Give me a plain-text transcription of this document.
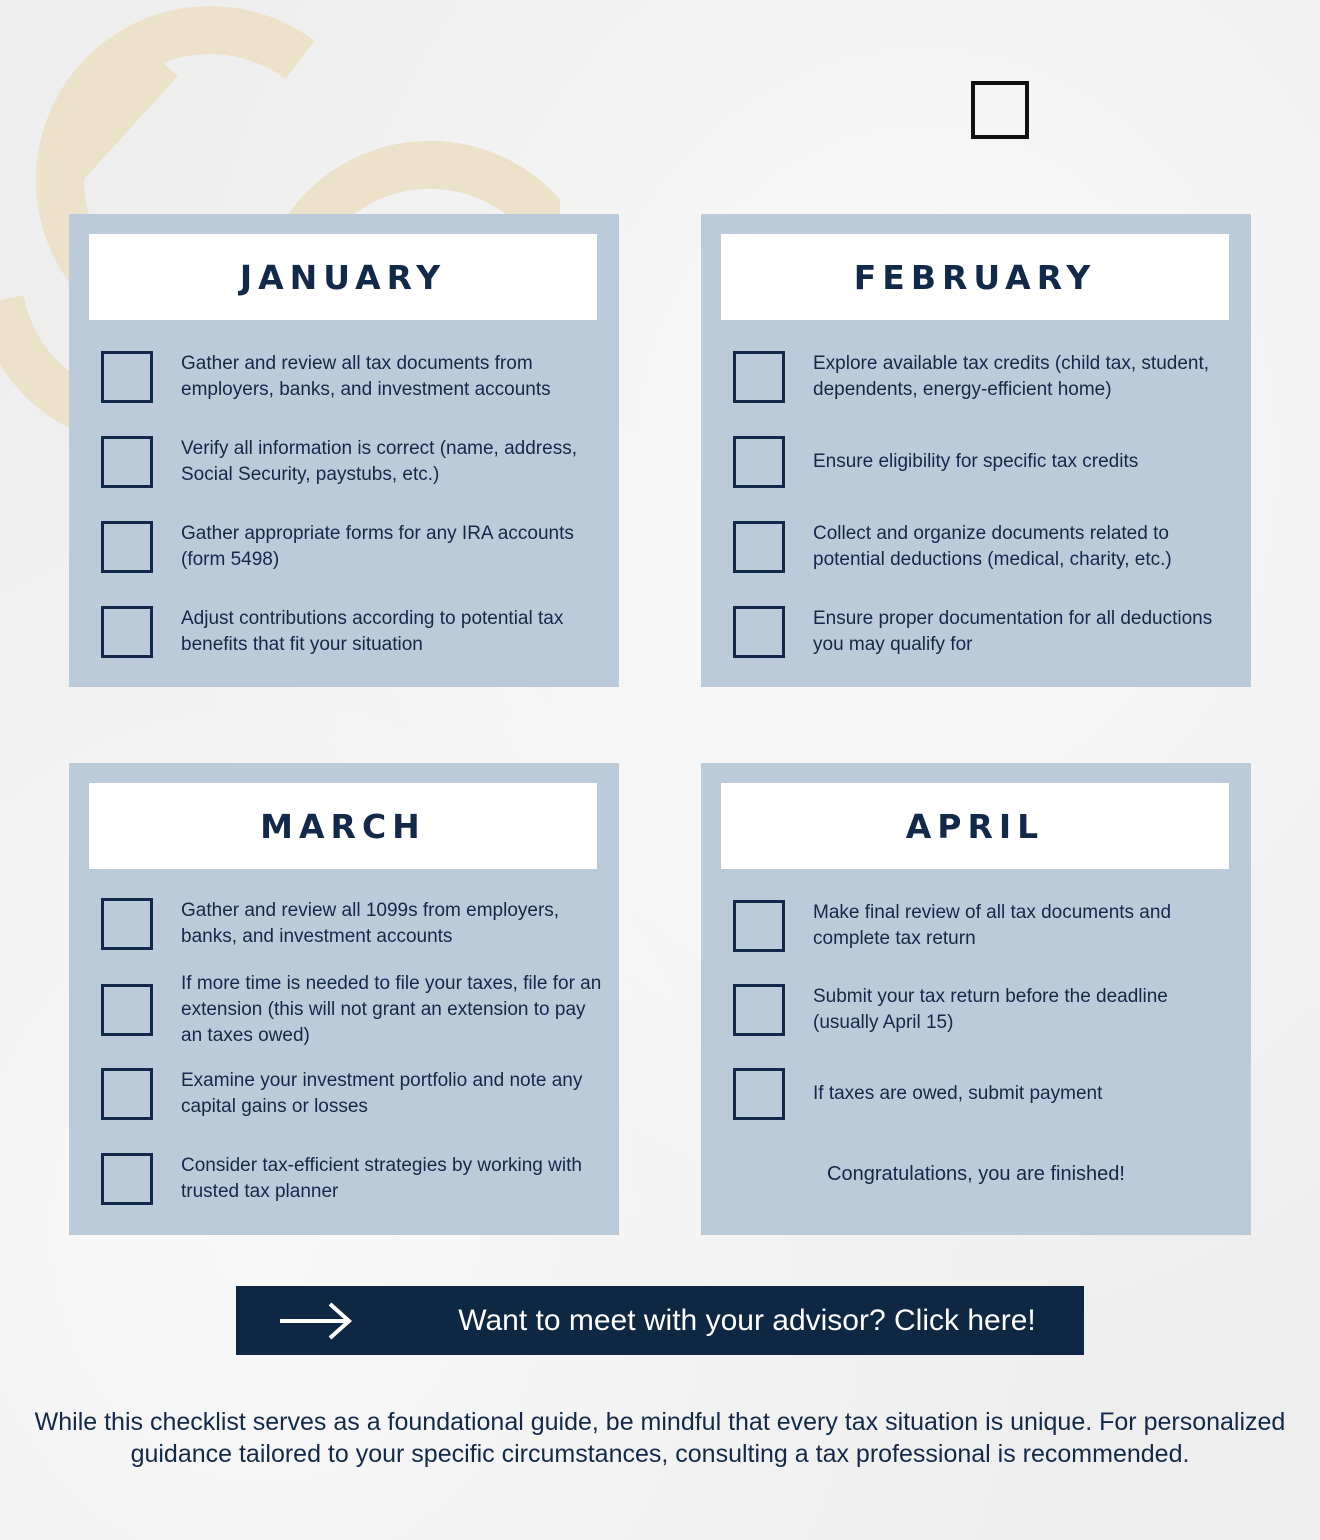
JANUARY
Gather and review all tax documents from employers, banks, and investment accounts
Verify all information is correct (name, address, Social Security, paystubs, etc.)
Gather appropriate forms for any IRA accounts (form 5498)
Adjust contributions according to potential tax benefits that fit your situation
FEBRUARY
Explore available tax credits (child tax, student, dependents, energy-efficient home)
Ensure eligibility for specific tax credits
Collect and organize documents related to potential deductions (medical, charity, etc.)
Ensure proper documentation for all deductions you may qualify for
MARCH
Gather and review all 1099s from employers, banks, and investment accounts
If more time is needed to file your taxes, file for an extension (this will not grant an extension to pay an taxes owed)
Examine your investment portfolio and note any capital gains or losses
Consider tax-efficient strategies by working with trusted tax planner
APRIL
Make final review of all tax documents and complete tax return
Submit your tax return before the deadline (usually April 15)
If taxes are owed, submit payment
Congratulations, you are finished!
Want to meet with your advisor? Click here!
While this checklist serves as a foundational guide, be mindful that every tax situation is unique. For personalized guidance tailored to your specific circumstances, consulting a tax professional is recommended.
